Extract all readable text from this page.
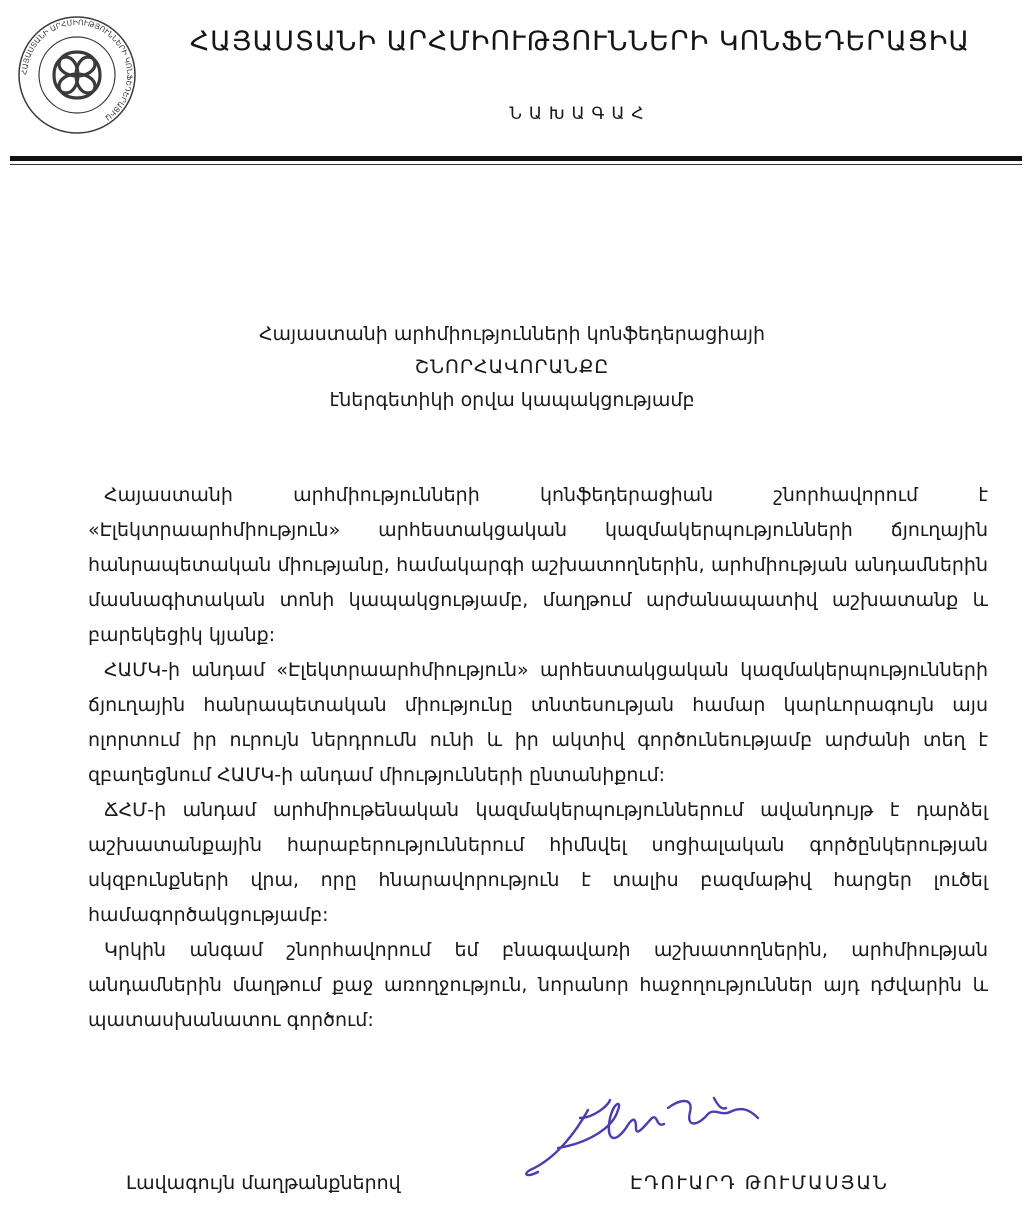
ՀԱՅԱՍՏԱՆԻ ԱՐՀՄԻՈՒԹՅՈՒՆՆԵՐԻ ԿՈՆՖԵԴԵՐԱՑԻԱ
ՀԱՅԱՍՏԱՆԻ ԱՐՀՄԻՈՒԹՅՈՒՆՆԵՐԻ ԿՈՆՖԵԴԵՐԱՑԻԱ
ՆԱԽԱԳԱՀ
Հայաստանի արհմիությունների կոնֆեդերացիայի
ՇՆՈՐՀԱՎՈՐԱՆՔԸ
էներգետիկի օրվա կապակցությամբ

Հայաստանի արհմիությունների կոնֆեդերացիան շնորհավորում է «Էլեկտրաարհմիություն» արհեստակցական կազմակերպությունների ճյուղային հանրապետական միությանը, համակարգի աշխատողներին, արհմիության անդամներին մասնագիտական տոնի կապակցությամբ, մաղթում արժանապատիվ աշխատանք և բարեկեցիկ կյանք:

ՀԱՄԿ-ի անդամ «Էլեկտրաարհմիություն» արհեստակցական կազմակերպությունների ճյուղային հանրապետական միությունը տնտեսության համար կարևորագույն այս ոլորտում իր ուրույն ներդրումն ունի և իր ակտիվ գործունեությամբ արժանի տեղ է զբաղեցնում ՀԱՄԿ-ի անդամ միությունների ընտանիքում:

ՃՀՄ-ի անդամ արհմիութենական կազմակերպություններում ավանդույթ է դարձել աշխատանքային հարաբերություններում հիմնվել սոցիալական գործընկերության սկզբունքների վրա, որը հնարավորություն է տալիս բազմաթիվ հարցեր լուծել համագործակցությամբ:

Կրկին անգամ շնորհավորում եմ բնագավառի աշխատողներին, արհմիության անդամներին մաղթում քաջ առողջություն, նորանոր հաջողություններ այդ դժվարին և պատասխանատու գործում:

Լավագույն մաղթանքներով	ԷԴՈՒԱՐԴ ԹՈՒՄԱՍՅԱՆ
